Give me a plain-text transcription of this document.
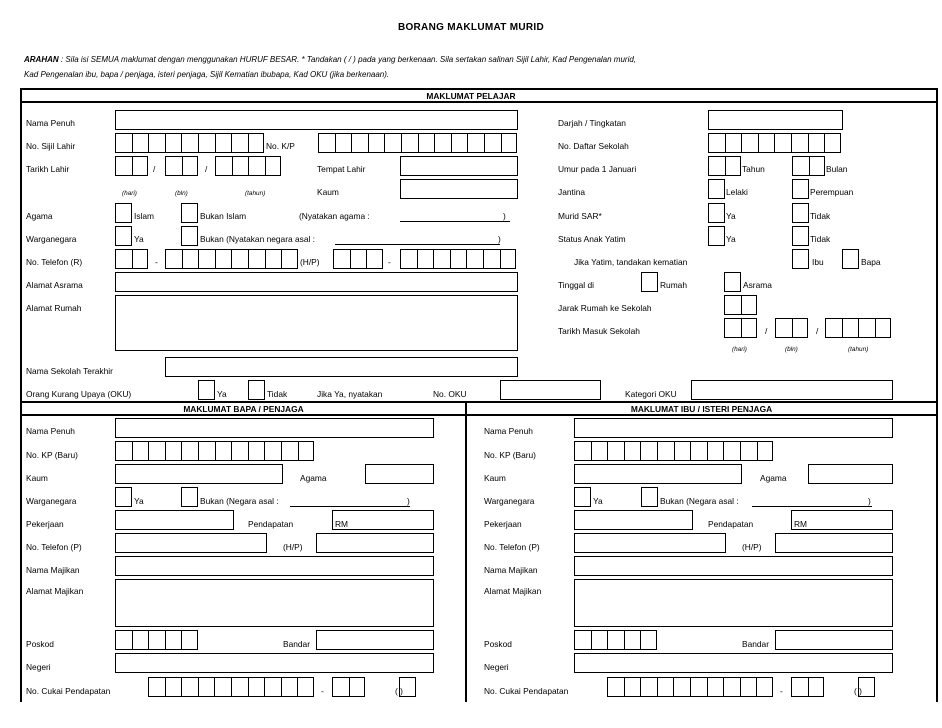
BORANG MAKLUMAT MURID
ARAHAN : Sila isi SEMUA maklumat dengan menggunakan HURUF BESAR. * Tandakan ( / ) pada yang berkenaan. Sila sertakan salinan Sijil Lahir, Kad Pengenalan murid,
Kad Pengenalan ibu, bapa / penjaga, isteri penjaga, Sijil Kematian ibubapa, Kad OKU (jika berkenaan).
MAKLUMAT PELAJAR
MAKLUMAT BAPA / PENJAGA	MAKLUMAT IBU / ISTERI PENJAGA
Nama Penuh
No. Sijil Lahir	No. K/P
Tarikh Lahir	/	/
(hari)	(bln)	(tahun)
Tempat Lahir
Kaum
Agama	Islam	Bukan Islam	(Nyatakan agama :	)
Warganegara	Ya	Bukan (Nyatakan negara asal :	)
No. Telefon (R)	-	(H/P)	-
Alamat Asrama
Alamat Rumah
Nama Sekolah Terakhir
Orang Kurang Upaya (OKU)	Ya	Tidak	Jika Ya, nyatakan	No. OKU	Kategori OKU
Darjah / Tingkatan
No. Daftar Sekolah
Umur pada 1 Januari	Tahun	Bulan
Jantina	Lelaki	Perempuan
Murid SAR*	Ya	Tidak
Status Anak Yatim	Ya	Tidak
Jika Yatim, tandakan kematian	Ibu	Bapa
Tinggal di	Rumah	Asrama
Jarak Rumah ke Sekolah
Tarikh Masuk Sekolah	/	/
(hari)	(bln)	(tahun)
Nama Penuh
No. KP (Baru)
Kaum	Agama
Warganegara	Ya	Bukan (Negara asal :	)
Pekerjaan	Pendapatan	RM
No. Telefon (P)	(H/P)
Nama Majikan
Alamat Majikan
Poskod	Bandar
Negeri
No. Cukai Pendapatan	-	( )
Nama Penuh
No. KP (Baru)
Kaum	Agama
Warganegara	Ya	Bukan (Negara asal :	)
Pekerjaan	Pendapatan	RM
No. Telefon (P)	(H/P)
Nama Majikan
Alamat Majikan
Poskod	Bandar
Negeri
No. Cukai Pendapatan	-	( )
